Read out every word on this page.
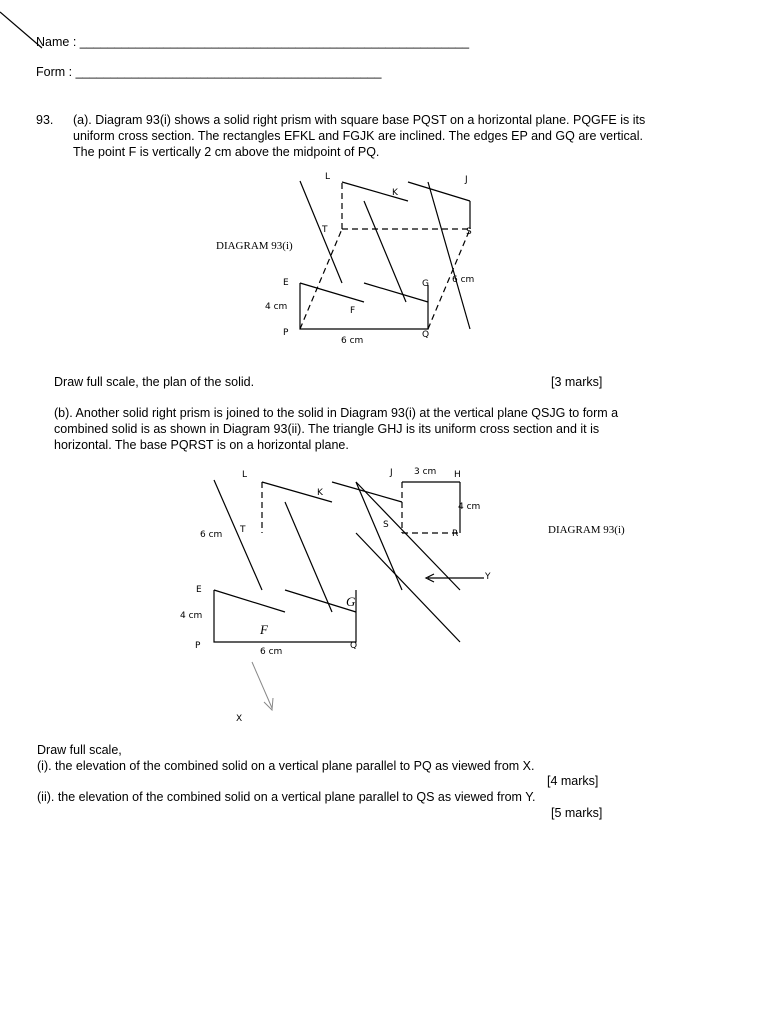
Name : ________________________________________________________
Form : ____________________________________________
93. (a). Diagram 93(i) shows a solid right prism with square base PQST on a horizontal plane. PQGFE is its
uniform cross section. The rectangles EFKL and FGJK are inclined. The edges EP and GQ are vertical.
The point F is vertically 2 cm above the midpoint of PQ.
DIAGRAM 93(i)
L	J
K
T	S
E	G
F
P	Q
4 cm
6 cm
6 cm
Draw full scale, the plan of the solid.	[3 marks]
(b). Another solid right prism is joined to the solid in Diagram 93(i) at the vertical plane QSJG to form a
combined solid is as shown in Diagram 93(ii). The triangle GHJ is its uniform cross section and it is
horizontal. The base PQRST is on a horizontal plane.
DIAGRAM 93(i)
L	J 3 cm H
K
4 cm
S
T	R
6 cm
Y
E
G
4 cm
F
P	Q
6 cm
X
Draw full scale,
(i). the elevation of the combined solid on a vertical plane parallel to PQ as viewed from X.
[4 marks]
(ii). the elevation of the combined solid on a vertical plane parallel to QS as viewed from Y.
[5 marks]
